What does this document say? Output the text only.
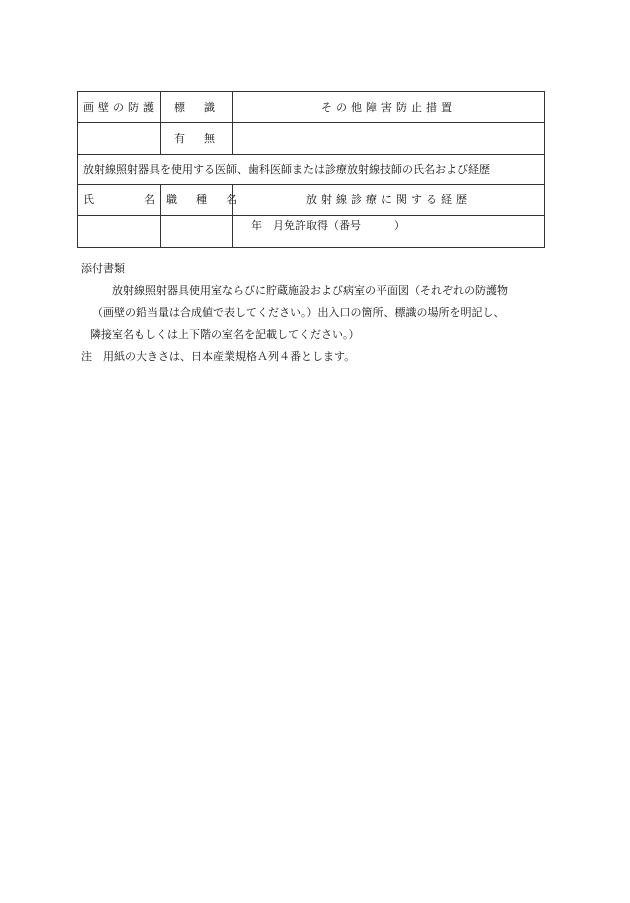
画壁の防護	標　識	その他障害防止措置
	有　無	
放射線照射器具を使用する医師、歯科医師または診療放射線技師の氏名および経歴		

氏 名	職　種　名	放射線診療に関する経歴
		年　月免許取得（番号　　　）

添付書類

放射線照射器具使用室ならびに貯蔵施設および病室の平面図（それぞれの防護物

（画壁の鉛当量は合成値で表してください。）出入口の箇所、標識の場所を明記し、

隣接室名もしくは上下階の室名を記載してください。）

注　用紙の大きさは、日本産業規格Ａ列４番とします。
